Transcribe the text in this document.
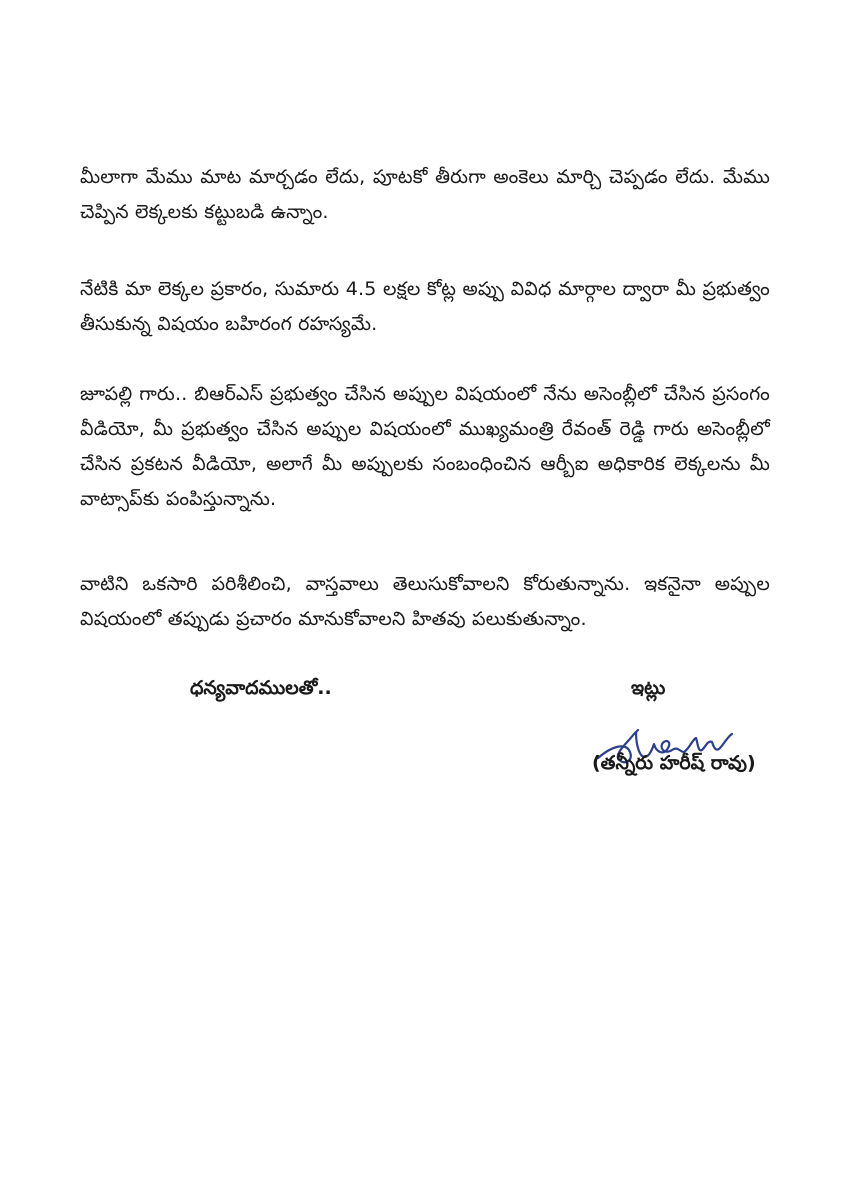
మీలాగా మేము మాట మార్చడం లేదు, పూటకో తీరుగా అంకెలు మార్చి చెప్పడం లేదు. మేము చెప్పిన లెక్కలకు కట్టుబడి ఉన్నాం.

నేటికి మా లెక్కల ప్రకారం, సుమారు 4.5 లక్షల కోట్ల అప్పు వివిధ మార్గాల ద్వారా మీ ప్రభుత్వం తీసుకున్న విషయం బహిరంగ రహస్యమే.

జూపల్లి గారు.. బిఆర్ఎస్ ప్రభుత్వం చేసిన అప్పుల విషయంలో నేను అసెంబ్లీలో చేసిన ప్రసంగం వీడియో, మీ ప్రభుత్వం చేసిన అప్పుల విషయంలో ముఖ్యమంత్రి రేవంత్ రెడ్డి గారు అసెంబ్లీలో చేసిన ప్రకటన వీడియో, అలాగే మీ అప్పులకు సంబంధించిన ఆర్బీఐ అధికారిక లెక్కలను మీ వాట్సాప్‌కు పంపిస్తున్నాను.

వాటిని ఒకసారి పరిశీలించి, వాస్తవాలు తెలుసుకోవాలని కోరుతున్నాను. ఇకనైనా అప్పుల విషయంలో తప్పుడు ప్రచారం మానుకోవాలని హితవు పలుకుతున్నాం.

ధన్యవాదములతో..	ఇట్లు
(తన్నీరు హరీష్ రావు)
